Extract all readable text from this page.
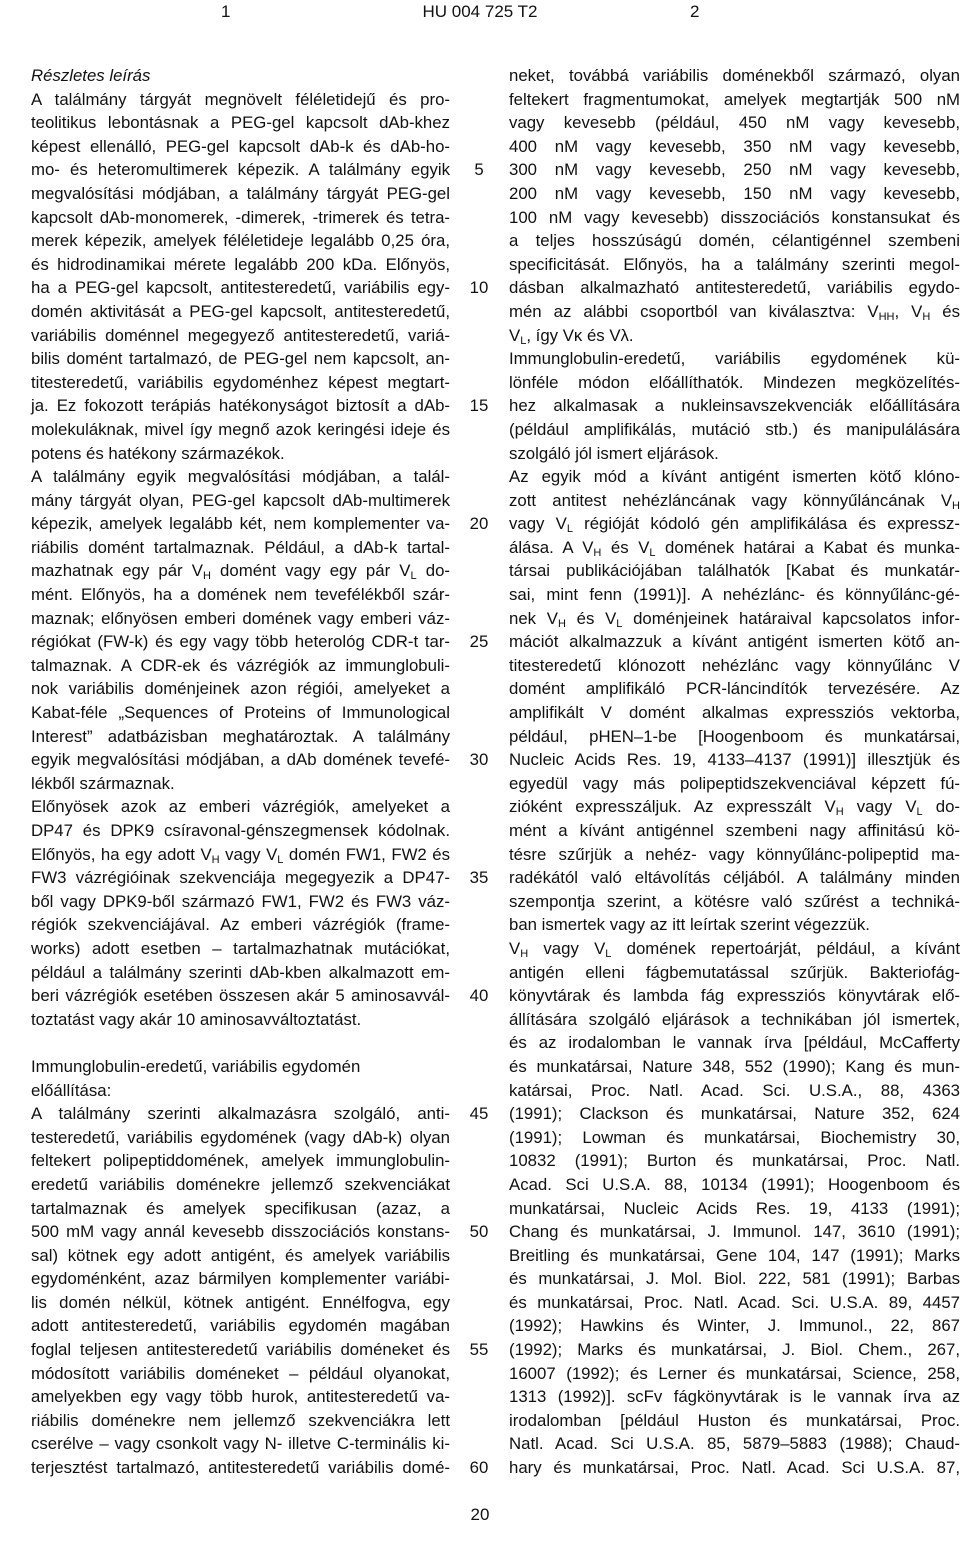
1	HU 004 725 T2	2
Részletes leírás
A találmány tárgyát megnövelt féléletidejű és pro-
teolitikus lebontásnak a PEG-gel kapcsolt dAb-khez
képest ellenálló, PEG-gel kapcsolt dAb-k és dAb-ho-
mo- és heteromultimerek képezik. A találmány egyik
megvalósítási módjában, a találmány tárgyát PEG-gel
kapcsolt dAb-monomerek, -dimerek, -trimerek és tetra-
merek képezik, amelyek féléletideje legalább 0,25 óra,
és hidrodinamikai mérete legalább 200 kDa. Előnyös,
ha a PEG-gel kapcsolt, antitesteredetű, variábilis egy-
domén aktivitását a PEG-gel kapcsolt, antitesteredetű,
variábilis doménnel megegyező antitesteredetű, variá-
bilis domént tartalmazó, de PEG-gel nem kapcsolt, an-
titesteredetű, variábilis egydoménhez képest megtart-
ja. Ez fokozott terápiás hatékonyságot biztosít a dAb-
molekuláknak, mivel így megnő azok keringési ideje és
potens és hatékony származékok.
A találmány egyik megvalósítási módjában, a talál-
mány tárgyát olyan, PEG-gel kapcsolt dAb-multimerek
képezik, amelyek legalább két, nem komplementer va-
riábilis domént tartalmaznak. Például, a dAb-k tartal-
mazhatnak egy pár $V_H$ domént vagy egy pár $V_L$ do-
mént. Előnyös, ha a domének nem tevefélékből szár-
maznak; előnyösen emberi domének vagy emberi váz-
régiókat (FW-k) és egy vagy több heterológ CDR-t tar-
talmaznak. A CDR-ek és vázrégiók az immunglobuli-
nok variábilis doménjeinek azon régiói, amelyeket a
Kabat-féle „Sequences of Proteins of Immunological
Interest” adatbázisban meghatároztak. A találmány
egyik megvalósítási módjában, a dAb domének tevefé-
lékből származnak.
Előnyösek azok az emberi vázrégiók, amelyeket a
DP47 és DPK9 csíravonal-génszegmensek kódolnak.
Előnyös, ha egy adott $V_H$ vagy $V_L$ domén FW1, FW2 és
FW3 vázrégióinak szekvenciája megegyezik a DP47-
ből vagy DPK9-ből származó FW1, FW2 és FW3 váz-
régiók szekvenciájával. Az emberi vázrégiók (frame-
works) adott esetben – tartalmazhatnak mutációkat,
például a találmány szerinti dAb-kben alkalmazott em-
beri vázrégiók esetében összesen akár 5 aminosavvál-
toztatást vagy akár 10 aminosavváltoztatást.
Immunglobulin-eredetű, variábilis egydomén
előállítása:
A találmány szerinti alkalmazásra szolgáló, anti-
testeredetű, variábilis egydomének (vagy dAb-k) olyan
feltekert polipeptiddomének, amelyek immunglobulin-
eredetű variábilis doménekre jellemző szekvenciákat
tartalmaznak és amelyek specifikusan (azaz, a
500 mM vagy annál kevesebb disszociációs konstans-
sal) kötnek egy adott antigént, és amelyek variábilis
egydoménként, azaz bármilyen komplementer variábi-
lis domén nélkül, kötnek antigént. Ennélfogva, egy
adott antitesteredetű, variábilis egydomén magában
foglal teljesen antitesteredetű variábilis doméneket és
módosított variábilis doméneket – például olyanokat,
amelyekben egy vagy több hurok, antitesteredetű va-
riábilis doménekre nem jellemző szekvenciákra lett
cserélve – vagy csonkolt vagy N- illetve C-terminális ki-
terjesztést tartalmazó, antitesteredetű variábilis domé-
5
10
15
20
25
30
35
40
45
50
55
60
neket, továbbá variábilis doménekből származó, olyan
feltekert fragmentumokat, amelyek megtartják 500 nM
vagy kevesebb (például, 450 nM vagy kevesebb,
400 nM vagy kevesebb, 350 nM vagy kevesebb,
300 nM vagy kevesebb, 250 nM vagy kevesebb,
200 nM vagy kevesebb, 150 nM vagy kevesebb,
100 nM vagy kevesebb) disszociációs konstansukat és
a teljes hosszúságú domén, célantigénnel szembeni
specificitását. Előnyös, ha a találmány szerinti megol-
dásban alkalmazható antitesteredetű, variábilis egydo-
mén az alábbi csoportból van kiválasztva: $V_{HH}$, $V_H$ és
$V_L$, így Vκ és Vλ.
Immunglobulin-eredetű, variábilis egydomének kü-
lönféle módon előállíthatók. Mindezen megközelítés-
hez alkalmasak a nukleinsavszekvenciák előállítására
(például amplifikálás, mutáció stb.) és manipulálására
szolgáló jól ismert eljárások.
Az egyik mód a kívánt antigént ismerten kötő klóno-
zott antitest nehézláncának vagy könnyűláncának $V_H$
vagy $V_L$ régióját kódoló gén amplifikálása és expressz-
álása. A $V_H$ és $V_L$ domének határai a Kabat és munka-
társai publikációjában találhatók [Kabat és munkatár-
sai, mint fenn (1991)]. A nehézlánc- és könnyűlánc-gé-
nek $V_H$ és $V_L$ doménjeinek határaival kapcsolatos infor-
mációt alkalmazzuk a kívánt antigént ismerten kötő an-
titesteredetű klónozott nehézlánc vagy könnyűlánc V
domént amplifikáló PCR-láncindítók tervezésére. Az
amplifikált V domént alkalmas expressziós vektorba,
például, pHEN–1-be [Hoogenboom és munkatársai,
Nucleic Acids Res. 19, 4133–4137 (1991)] illesztjük és
egyedül vagy más polipeptidszekvenciával képzett fú-
zióként expresszáljuk. Az expresszált $V_H$ vagy $V_L$ do-
mént a kívánt antigénnel szembeni nagy affinitású kö-
tésre szűrjük a nehéz- vagy könnyűlánc-polipeptid ma-
radékától való eltávolítás céljából. A találmány minden
szempontja szerint, a kötésre való szűrést a techniká-
ban ismertek vagy az itt leírtak szerint végezzük.
$V_H$ vagy $V_L$ domének repertoárját, például, a kívánt
antigén elleni fágbemutatással szűrjük. Bakteriofág-
könyvtárak és lambda fág expressziós könyvtárak elő-
állítására szolgáló eljárások a technikában jól ismertek,
és az irodalomban le vannak írva [például, McCafferty
és munkatársai, Nature 348, 552 (1990); Kang és mun-
katársai, Proc. Natl. Acad. Sci. U.S.A., 88, 4363
(1991); Clackson és munkatársai, Nature 352, 624
(1991); Lowman és munkatársai, Biochemistry 30,
10832 (1991); Burton és munkatársai, Proc. Natl.
Acad. Sci U.S.A. 88, 10134 (1991); Hoogenboom és
munkatársai, Nucleic Acids Res. 19, 4133 (1991);
Chang és munkatársai, J. Immunol. 147, 3610 (1991);
Breitling és munkatársai, Gene 104, 147 (1991); Marks
és munkatársai, J. Mol. Biol. 222, 581 (1991); Barbas
és munkatársai, Proc. Natl. Acad. Sci. U.S.A. 89, 4457
(1992); Hawkins és Winter, J. Immunol., 22, 867
(1992); Marks és munkatársai, J. Biol. Chem., 267,
16007 (1992); és Lerner és munkatársai, Science, 258,
1313 (1992)]. scFv fágkönyvtárak is le vannak írva az
irodalomban [például Huston és munkatársai, Proc.
Natl. Acad. Sci U.S.A. 85, 5879–5883 (1988); Chaud-
hary és munkatársai, Proc. Natl. Acad. Sci U.S.A. 87,
20
